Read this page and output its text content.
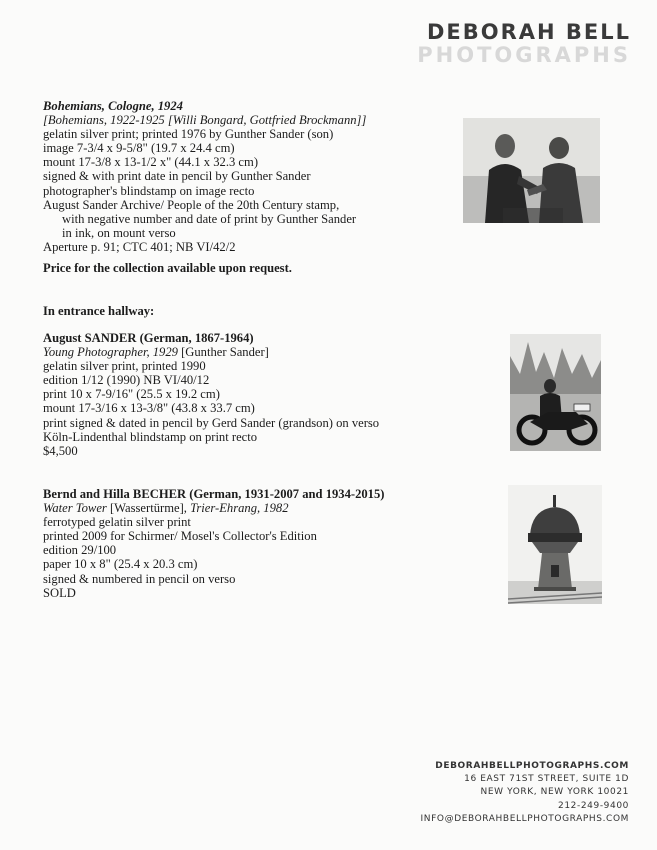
DEBORAH BELL
PHOTOGRAPHS
Bohemians, Cologne, 1924
[Bohemians, 1922-1925 [Willi Bongard, Gottfried Brockmann]]
gelatin silver print; printed 1976 by Gunther Sander (son)
image 7-3/4 x 9-5/8" (19.7 x 24.4 cm)
mount 17-3/8 x 13-1/2 x" (44.1 x 32.3 cm)
signed & with print date in pencil by Gunther Sander
photographer's blindstamp on image recto
August Sander Archive/ People of the 20th Century stamp,
with negative number and date of print by Gunther Sander
in ink, on mount verso
Aperture p. 91; CTC 401; NB VI/42/2
Price for the collection available upon request.
In entrance hallway:
August SANDER (German, 1867-1964)
Young Photographer, 1929 [Gunther Sander]
gelatin silver print, printed 1990
edition 1/12 (1990) NB VI/40/12
print 10 x 7-9/16" (25.5 x 19.2 cm)
mount 17-3/16 x 13-3/8" (43.8 x 33.7 cm)
print signed & dated in pencil by Gerd Sander (grandson) on verso
Köln-Lindenthal blindstamp on print recto
$4,500
Bernd and Hilla BECHER (German, 1931-2007 and 1934-2015)
Water Tower [Wassertürme], Trier-Ehrang, 1982
ferrotyped gelatin silver print
printed 2009 for Schirmer/ Mosel's Collector's Edition
edition 29/100
paper 10 x 8" (25.4 x 20.3 cm)
signed & numbered in pencil on verso
SOLD
DEBORAHBELLPHOTOGRAPHS.COM
16 EAST 71ST STREET, SUITE 1D
NEW YORK, NEW YORK 10021
212-249-9400
INFO@DEBORAHBELLPHOTOGRAPHS.COM
